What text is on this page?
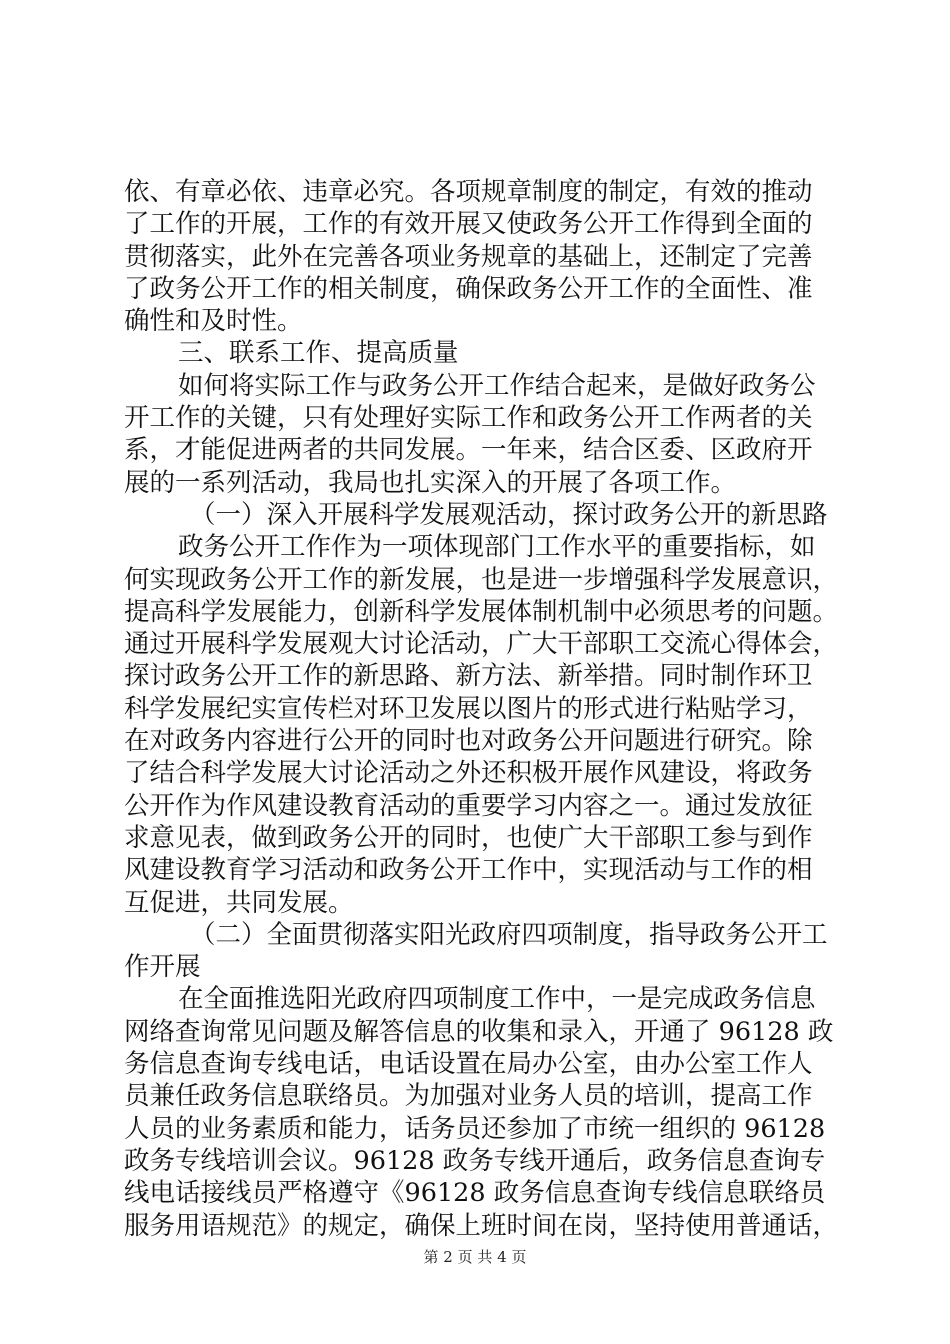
依、有章必依、违章必究。各项规章制度的制定，有效的推动
了工作的开展，工作的有效开展又使政务公开工作得到全面的
贯彻落实，此外在完善各项业务规章的基础上，还制定了完善
了政务公开工作的相关制度，确保政务公开工作的全面性、准
确性和及时性。
三、联系工作、提高质量
如何将实际工作与政务公开工作结合起来，是做好政务公
开工作的关键，只有处理好实际工作和政务公开工作两者的关
系，才能促进两者的共同发展。一年来，结合区委、区政府开
展的一系列活动，我局也扎实深入的开展了各项工作。
（一）深入开展科学发展观活动，探讨政务公开的新思路
政务公开工作作为一项体现部门工作水平的重要指标，如
何实现政务公开工作的新发展，也是进一步增强科学发展意识，
提高科学发展能力，创新科学发展体制机制中必须思考的问题。
通过开展科学发展观大讨论活动，广大干部职工交流心得体会，
探讨政务公开工作的新思路、新方法、新举措。同时制作环卫
科学发展纪实宣传栏对环卫发展以图片的形式进行粘贴学习，
在对政务内容进行公开的同时也对政务公开问题进行研究。除
了结合科学发展大讨论活动之外还积极开展作风建设，将政务
公开作为作风建设教育活动的重要学习内容之一。通过发放征
求意见表，做到政务公开的同时，也使广大干部职工参与到作
风建设教育学习活动和政务公开工作中，实现活动与工作的相
互促进，共同发展。
（二）全面贯彻落实阳光政府四项制度，指导政务公开工
作开展
在全面推选阳光政府四项制度工作中，一是完成政务信息
网络查询常见问题及解答信息的收集和录入，开通了 96128 政
务信息查询专线电话，电话设置在局办公室，由办公室工作人
员兼任政务信息联络员。为加强对业务人员的培训，提高工作
人员的业务素质和能力，话务员还参加了市统一组织的 96128
政务专线培训会议。96128 政务专线开通后，政务信息查询专
线电话接线员严格遵守《96128 政务信息查询专线信息联络员
服务用语规范》的规定，确保上班时间在岗，坚持使用普通话，
第 2 页 共 4 页
